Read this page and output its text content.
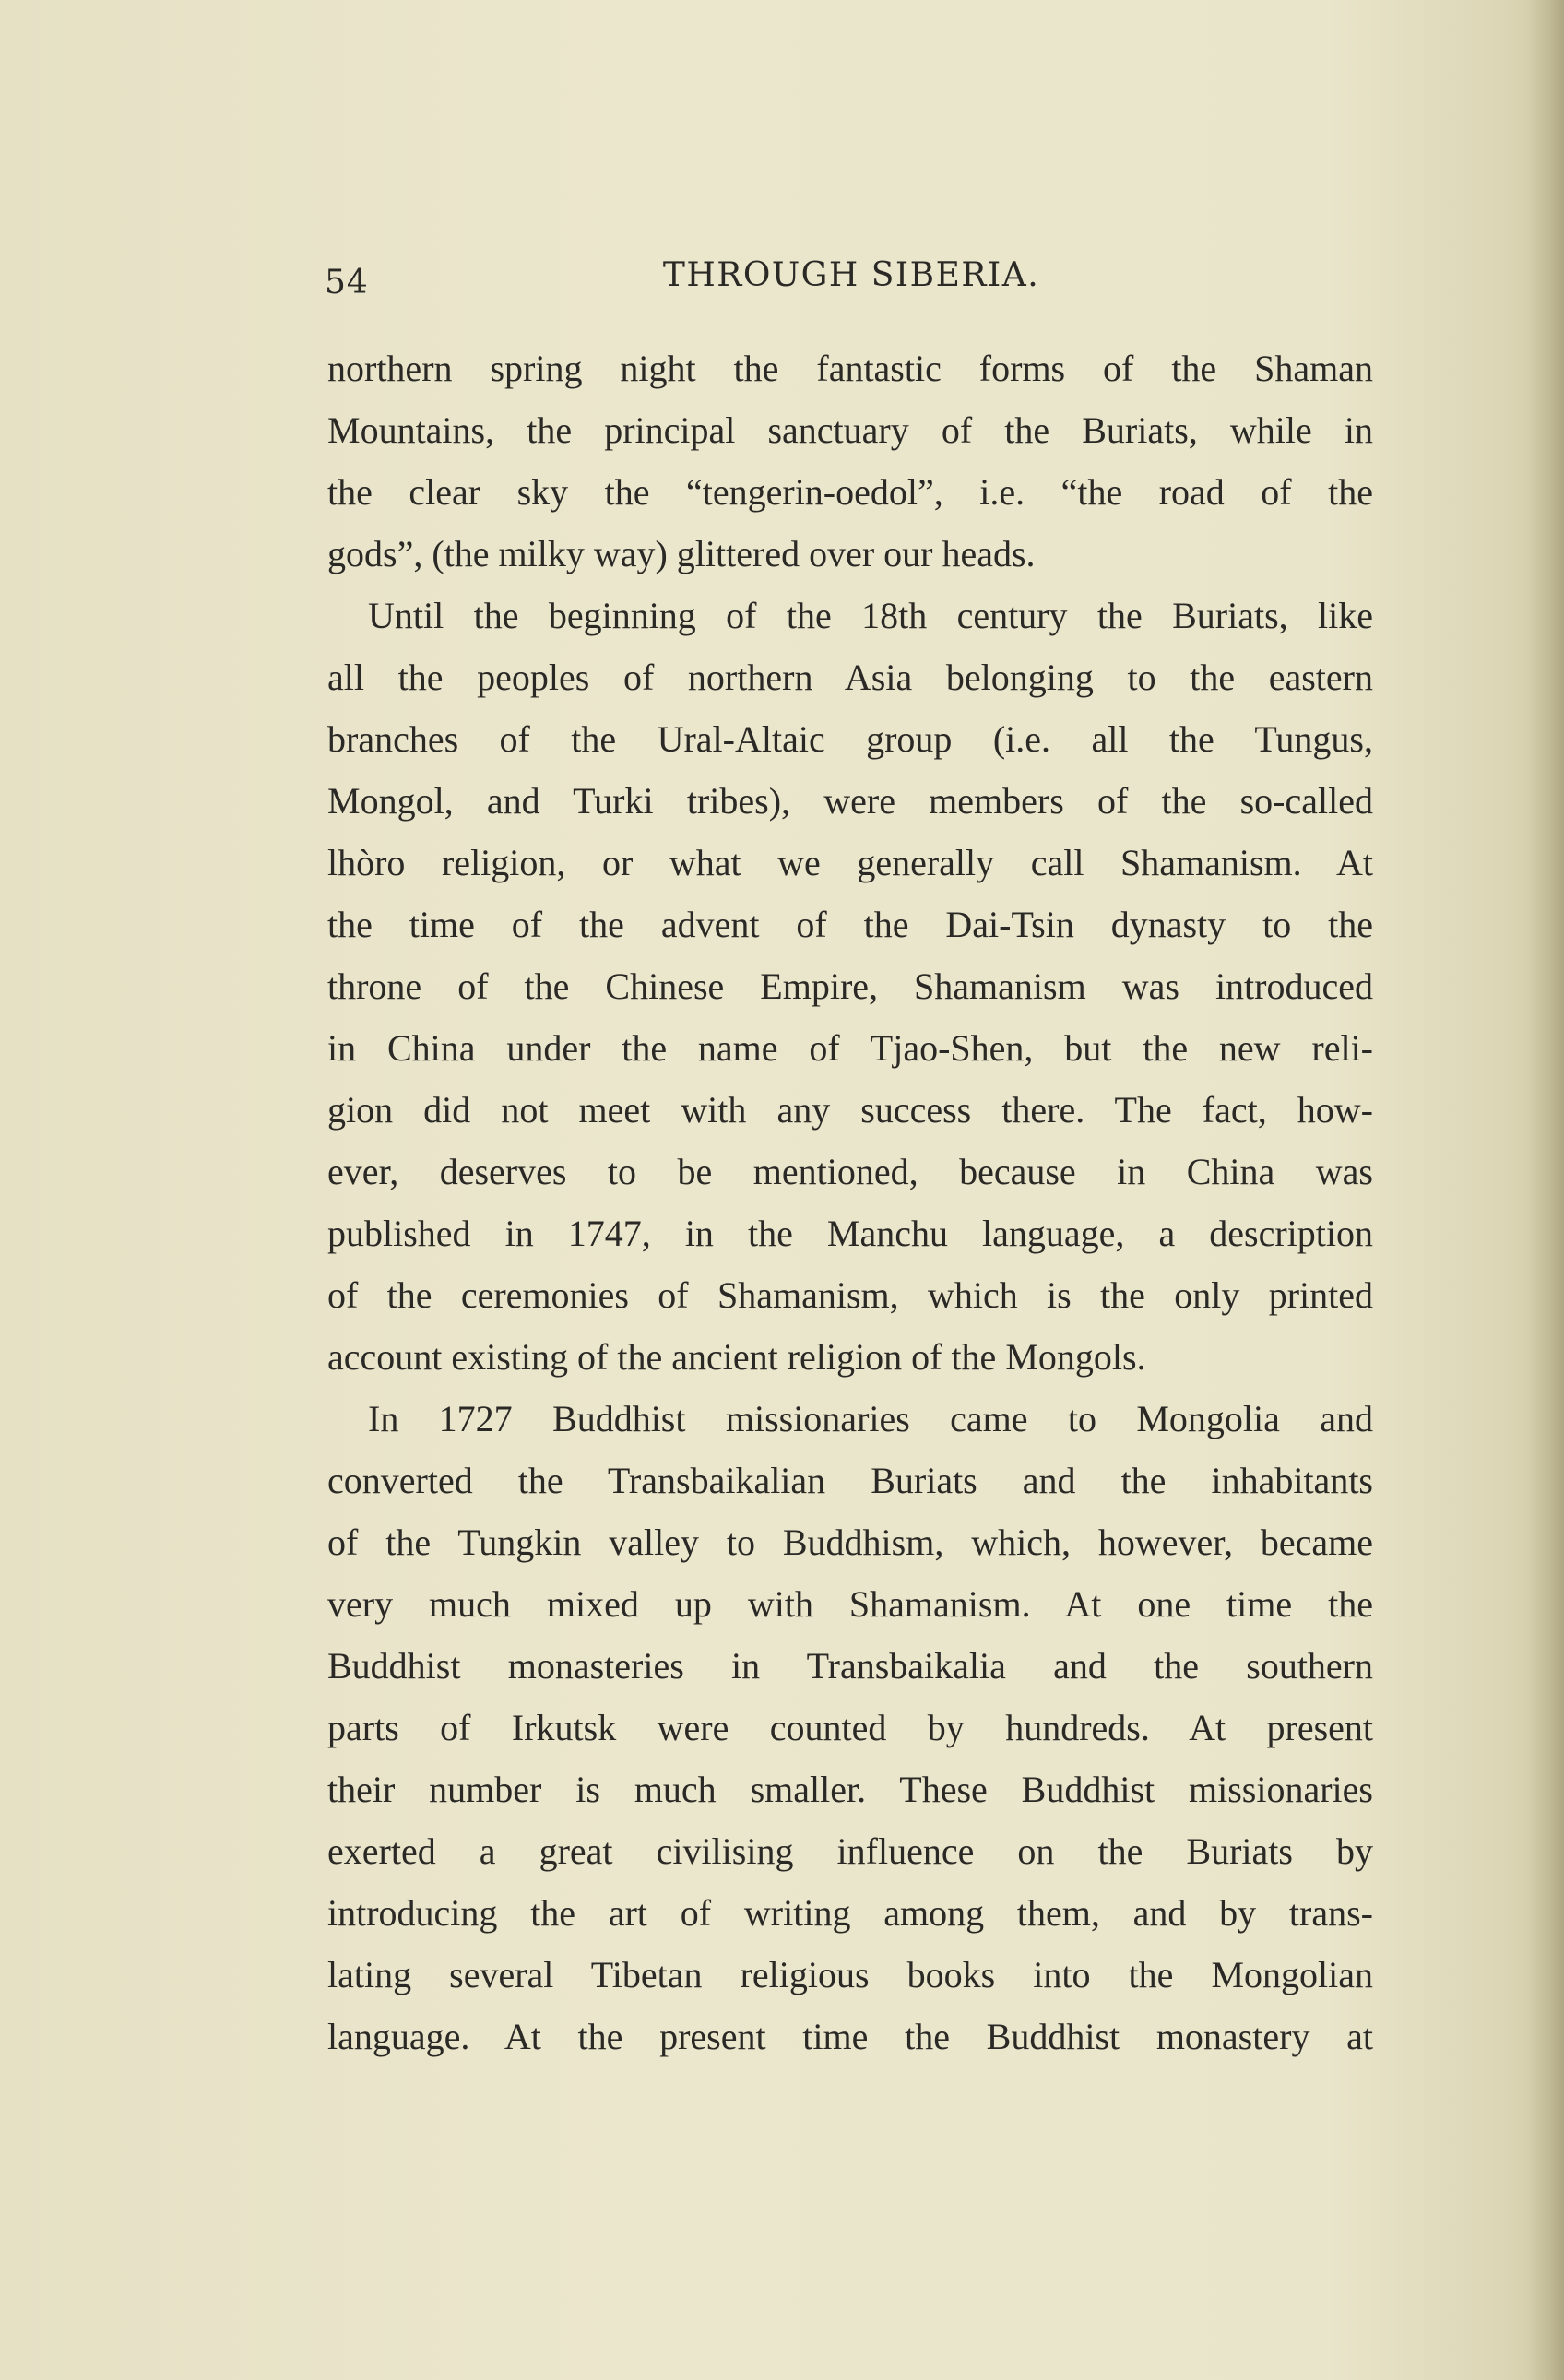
54	THROUGH SIBERIA.
northern spring night the fantastic forms of the Shaman
Mountains, the principal sanctuary of the Buriats, while in
the clear sky the “tengerin-oedol”, i.e. “the road of the
gods”, (the milky way) glittered over our heads.
Until the beginning of the 18th century the Buriats, like
all the peoples of northern Asia belonging to the eastern
branches of the Ural-Altaic group (i.e. all the Tungus,
Mongol, and Turki tribes), were members of the so-called
lhòro religion, or what we generally call Shamanism. At
the time of the advent of the Dai-Tsin dynasty to the
throne of the Chinese Empire, Shamanism was introduced
in China under the name of Tjao-Shen, but the new reli-
gion did not meet with any success there. The fact, how-
ever, deserves to be mentioned, because in China was
published in 1747, in the Manchu language, a description
of the ceremonies of Shamanism, which is the only printed
account existing of the ancient religion of the Mongols.
In 1727 Buddhist missionaries came to Mongolia and
converted the Transbaikalian Buriats and the inhabitants
of the Tungkin valley to Buddhism, which, however, became
very much mixed up with Shamanism. At one time the
Buddhist monasteries in Transbaikalia and the southern
parts of Irkutsk were counted by hundreds. At present
their number is much smaller. These Buddhist missionaries
exerted a great civilising influence on the Buriats by
introducing the art of writing among them, and by trans-
lating several Tibetan religious books into the Mongolian
language. At the present time the Buddhist monastery at
